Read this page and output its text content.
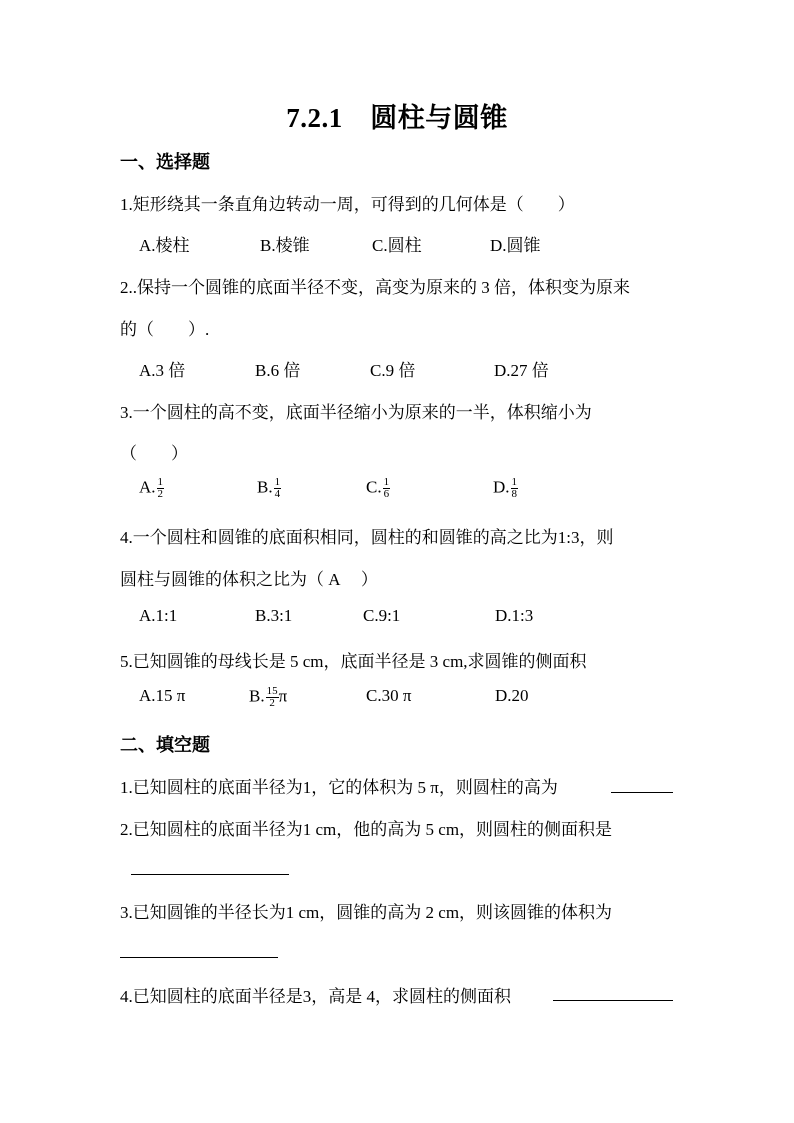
7.2.1　圆柱与圆锥
一、选择题
1.矩形绕其一条直角边转动一周，可得到的几何体是（　　）
A.棱柱	B.棱锥	C.圆柱	D.圆锥
2..保持一个圆锥的底面半径不变，高变为原来的 3 倍，体积变为原来
的（　　）.
A.3 倍	B.6 倍	C.9 倍	D.27 倍
3.一个圆柱的高不变，底面半径缩小为原来的一半，体积缩小为
（　　）
A. $\frac{1}{2}$	B. $\frac{1}{4}$	C. $\frac{1}{6}$	D. $\frac{1}{8}$
4.一个圆柱和圆锥的底面积相同，圆柱的和圆锥的高之比为1:3，则
圆柱与圆锥的体积之比为（ A　 ）
A.1:1	B.3:1	C.9:1	D.1:3
5.已知圆锥的母线长是 5 cm，底面半径是 3 cm,求圆锥的侧面积
A.15 π	B. $\frac{15}{2}$ π	C.30 π	D.20
二、填空题
1.已知圆柱的底面半径为1，它的体积为 5 π，则圆柱的高为
2.已知圆柱的底面半径为1 cm，他的高为 5 cm，则圆柱的侧面积是
3.已知圆锥的半径长为1 cm，圆锥的高为 2 cm，则该圆锥的体积为
4.已知圆柱的底面半径是3，高是 4，求圆柱的侧面积
